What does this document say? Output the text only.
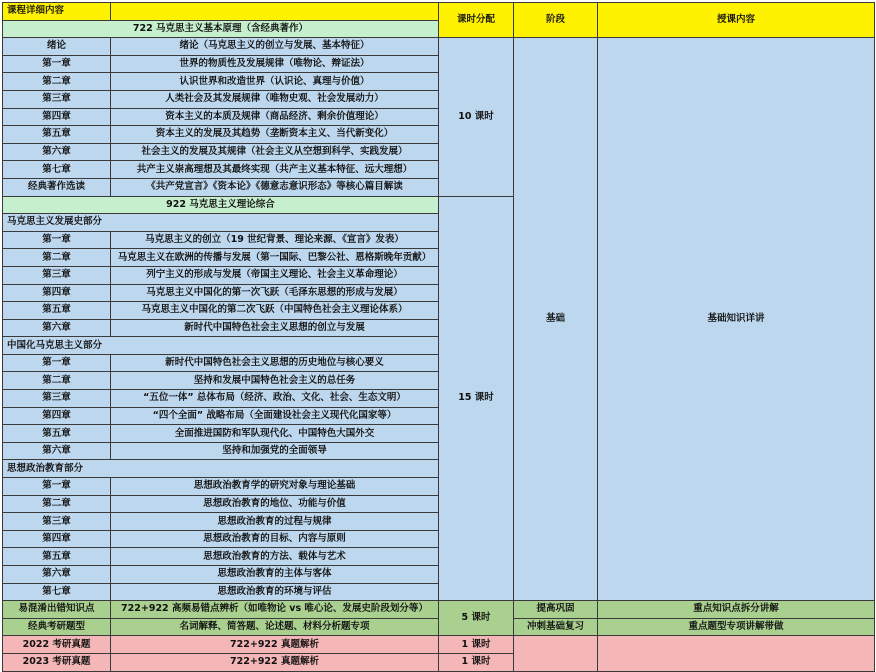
课程详细内容		课时分配	阶段	授课内容
722 马克思主义基本原理（含经典著作）				
绪论	绪论（马克思主义的创立与发展、基本特征）	10 课时	基础	基础知识详讲
第一章	世界的物质性及发展规律（唯物论、辩证法）			
第二章	认识世界和改造世界（认识论、真理与价值）			
第三章	人类社会及其发展规律（唯物史观、社会发展动力）			
第四章	资本主义的本质及规律（商品经济、剩余价值理论）			
第五章	资本主义的发展及其趋势（垄断资本主义、当代新变化）			
第六章	社会主义的发展及其规律（社会主义从空想到科学、实践发展）			
第七章	共产主义崇高理想及其最终实现（共产主义基本特征、远大理想）			
经典著作选读	《共产党宣言》《资本论》《德意志意识形态》等核心篇目解读			
922 马克思主义理论综合		15 课时		
马克思主义发展史部分				
第一章	马克思主义的创立（19 世纪背景、理论来源、《宣言》发表）			
第二章	马克思主义在欧洲的传播与发展（第一国际、巴黎公社、恩格斯晚年贡献）			
第三章	列宁主义的形成与发展（帝国主义理论、社会主义革命理论）			
第四章	马克思主义中国化的第一次飞跃（毛泽东思想的形成与发展）			
第五章	马克思主义中国化的第二次飞跃（中国特色社会主义理论体系）			
第六章	新时代中国特色社会主义思想的创立与发展			
中国化马克思主义部分				
第一章	新时代中国特色社会主义思想的历史地位与核心要义			
第二章	坚持和发展中国特色社会主义的总任务			
第三章	“五位一体” 总体布局（经济、政治、文化、社会、生态文明）			
第四章	“四个全面” 战略布局（全面建设社会主义现代化国家等）			
第五章	全面推进国防和军队现代化、中国特色大国外交			
第六章	坚持和加强党的全面领导			
思想政治教育部分				
第一章	思想政治教育学的研究对象与理论基础			
第二章	思想政治教育的地位、功能与价值			
第三章	思想政治教育的过程与规律			
第四章	思想政治教育的目标、内容与原则			
第五章	思想政治教育的方法、载体与艺术			
第六章	思想政治教育的主体与客体			
第七章	思想政治教育的环境与评估			
易混淆出错知识点	722+922 高频易错点辨析（如唯物论 vs 唯心论、发展史阶段划分等）	5 课时	提高巩固	重点知识点拆分讲解
经典考研题型	名词解释、简答题、论述题、材料分析题专项		冲刺基础复习	重点题型专项讲解带做
2022 考研真题	722+922 真题解析	1 课时		
2023 考研真题	722+922 真题解析	1 课时		
